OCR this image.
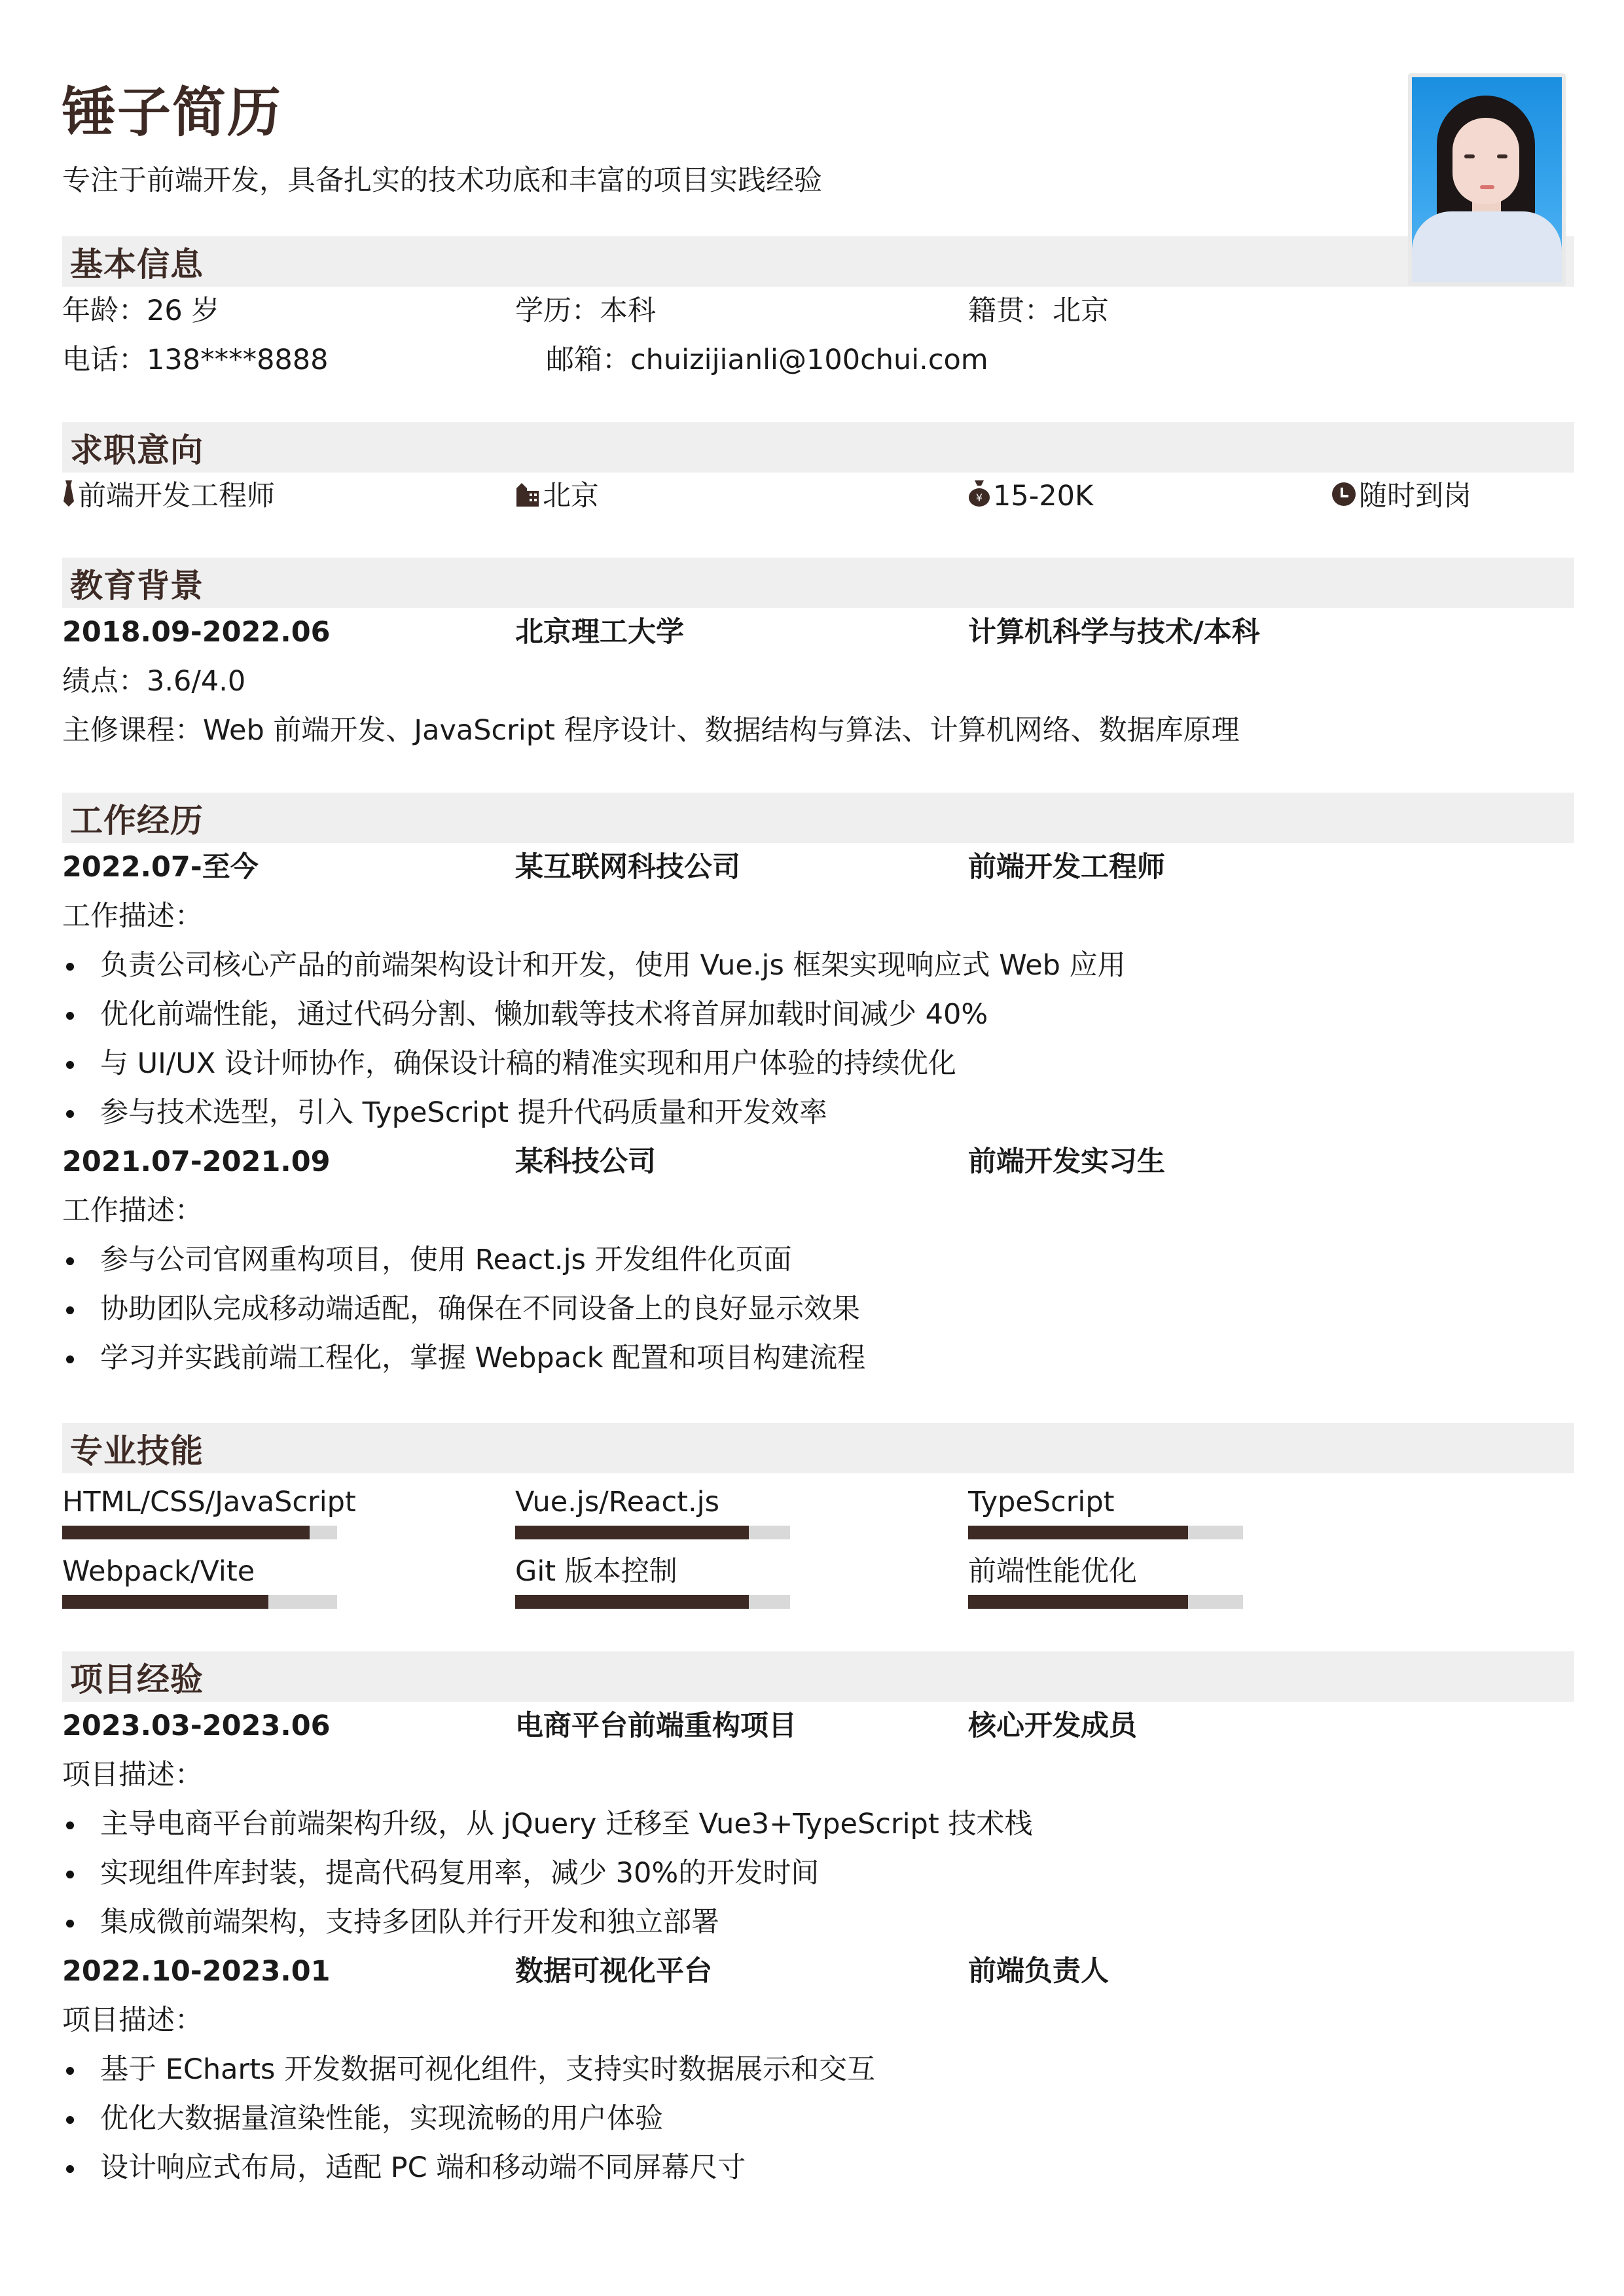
锤子简历
专注于前端开发，具备扎实的技术功底和丰富的项目实践经验
基本信息
年龄：26 岁	学历：本科	籍贯：北京
电话：138****8888	邮箱：chuizijianli@100chui.com
求职意向
前端开发工程师	北京	¥ 15-20K	随时到岗
教育背景
2018.09-2022.06	北京理工大学	计算机科学与技术/本科
绩点：3.6/4.0
主修课程：Web 前端开发、JavaScript 程序设计、数据结构与算法、计算机网络、数据库原理
工作经历
2022.07-至今	某互联网科技公司	前端开发工程师
工作描述：
负责公司核心产品的前端架构设计和开发，使用 Vue.js 框架实现响应式 Web 应用
优化前端性能，通过代码分割、懒加载等技术将首屏加载时间减少 40%
与 UI/UX 设计师协作，确保设计稿的精准实现和用户体验的持续优化
参与技术选型，引入 TypeScript 提升代码质量和开发效率
2021.07-2021.09	某科技公司	前端开发实习生
工作描述：
参与公司官网重构项目，使用 React.js 开发组件化页面
协助团队完成移动端适配，确保在不同设备上的良好显示效果
学习并实践前端工程化，掌握 Webpack 配置和项目构建流程
专业技能
HTML/CSS/JavaScript	Vue.js/React.js	TypeScript
Webpack/Vite	Git 版本控制	前端性能优化
项目经验
2023.03-2023.06	电商平台前端重构项目	核心开发成员
项目描述：
主导电商平台前端架构升级，从 jQuery 迁移至 Vue3+TypeScript 技术栈
实现组件库封装，提高代码复用率，减少 30%的开发时间
集成微前端架构，支持多团队并行开发和独立部署
2022.10-2023.01	数据可视化平台	前端负责人
项目描述：
基于 ECharts 开发数据可视化组件，支持实时数据展示和交互
优化大数据量渲染性能，实现流畅的用户体验
设计响应式布局，适配 PC 端和移动端不同屏幕尺寸
